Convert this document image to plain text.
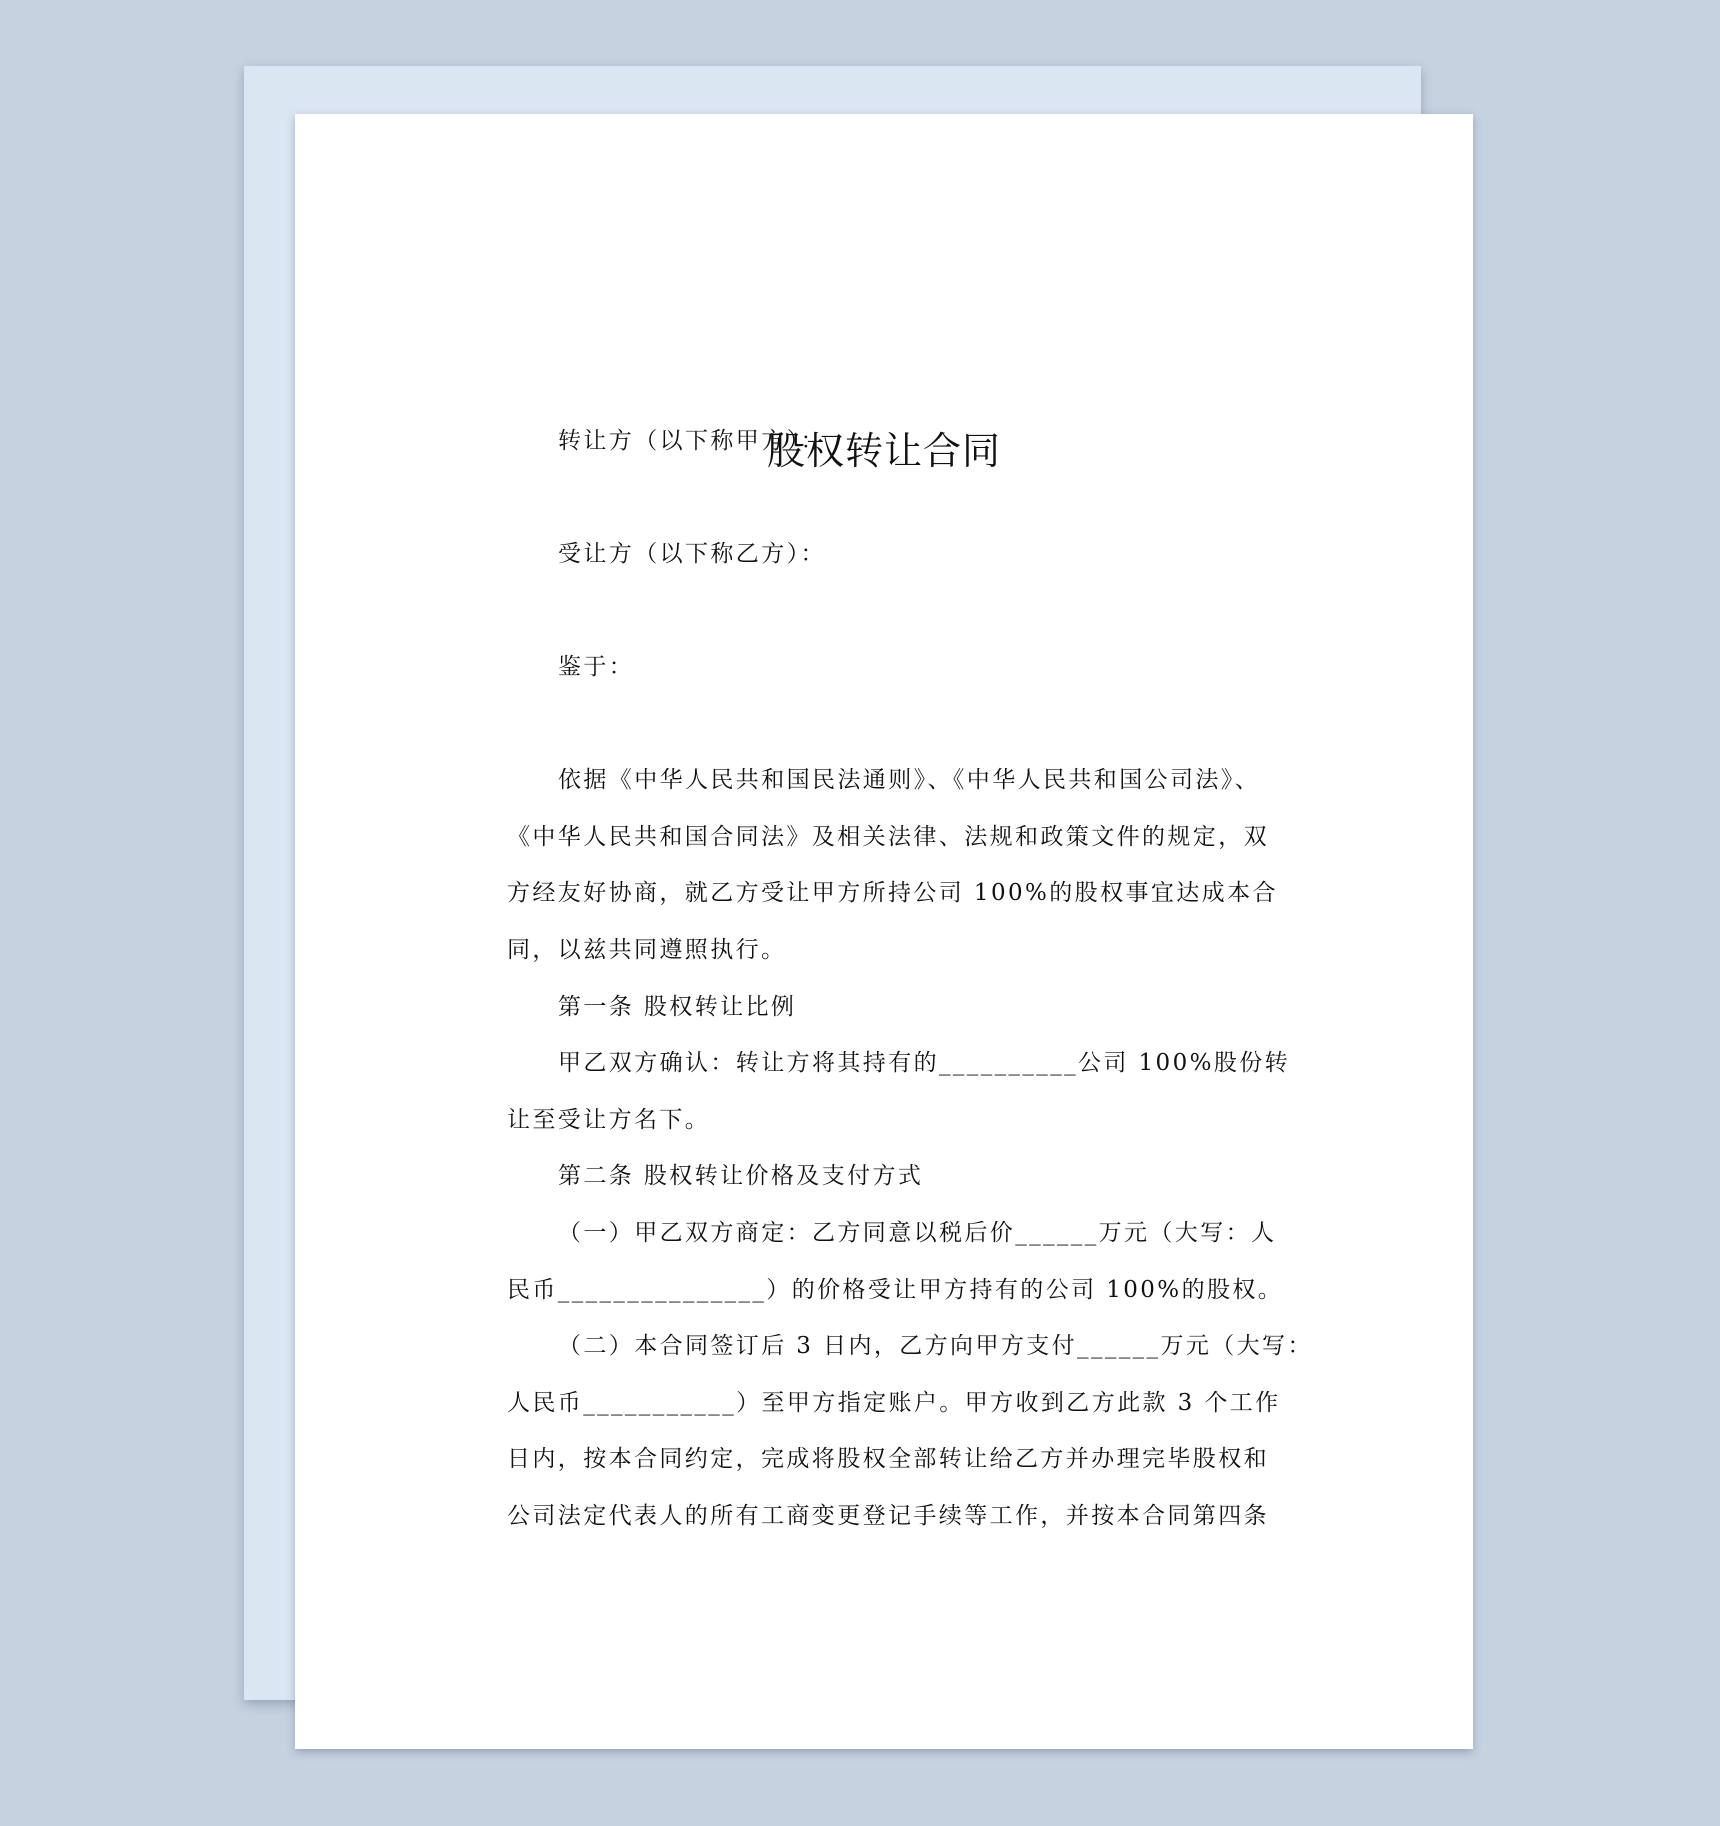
股权转让合同
转让方（以下称甲方）：
受让方（以下称乙方）：
鉴于：
依据《中华人民共和国民法通则》、《中华人民共和国公司法》、
《中华人民共和国合同法》及相关法律、法规和政策文件的规定，双
方经友好协商，就乙方受让甲方所持公司 100%的股权事宜达成本合
同，以兹共同遵照执行。
第一条 股权转让比例
甲乙双方确认：转让方将其持有的__________公司 100%股份转
让至受让方名下。
第二条 股权转让价格及支付方式
（一）甲乙双方商定：乙方同意以税后价______万元（大写：人
民币_______________）的价格受让甲方持有的公司 100%的股权。
（二）本合同签订后 3 日内，乙方向甲方支付______万元（大写：
人民币___________）至甲方指定账户。甲方收到乙方此款 3 个工作
日内，按本合同约定，完成将股权全部转让给乙方并办理完毕股权和
公司法定代表人的所有工商变更登记手续等工作，并按本合同第四条
